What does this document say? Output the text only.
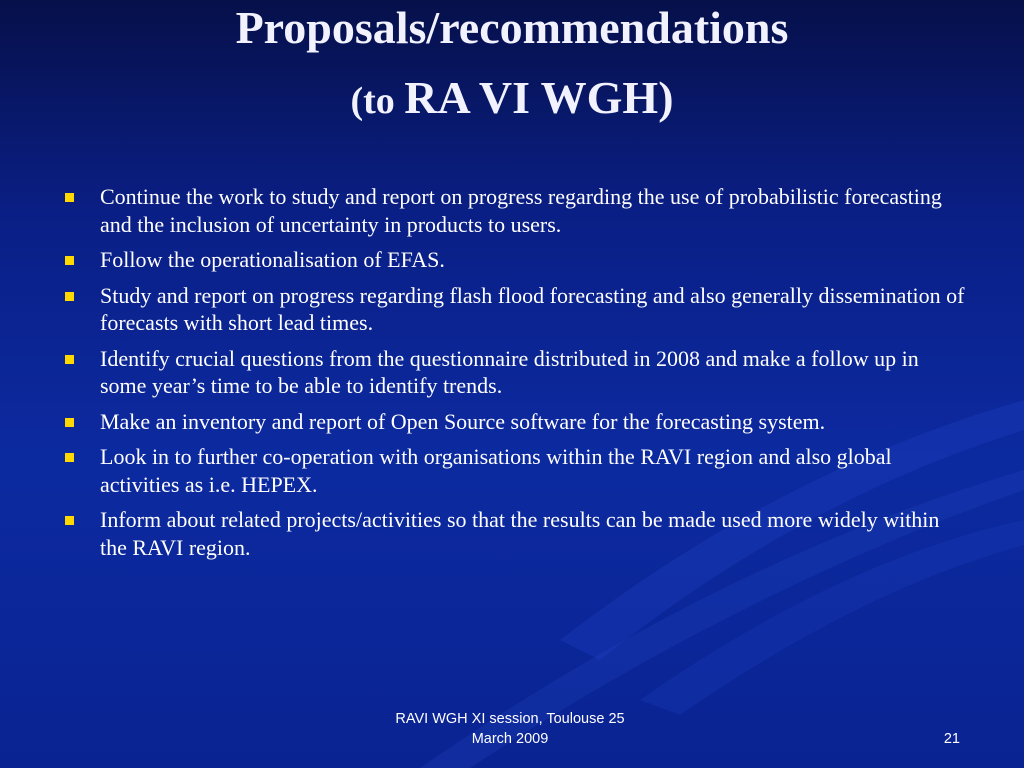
Proposals/recommendations
(to RA VI WGH)
Continue the work to study and report on progress regarding the use of probabilistic forecasting and the inclusion of uncertainty in products to users.
Follow the operationalisation of EFAS.
Study and report on progress regarding flash flood forecasting and also generally dissemination of forecasts with short lead times.
Identify crucial questions from the questionnaire distributed in 2008 and make a follow up in some year’s time to be able to identify trends.
Make an inventory and report of Open Source software for the forecasting system.
Look in to further co-operation with organisations within the RAVI region and also global activities as i.e. HEPEX.
Inform about related projects/activities so that the results can be made used more widely within the RAVI region.
RAVI WGH XI session, Toulouse 25
March 2009	21
